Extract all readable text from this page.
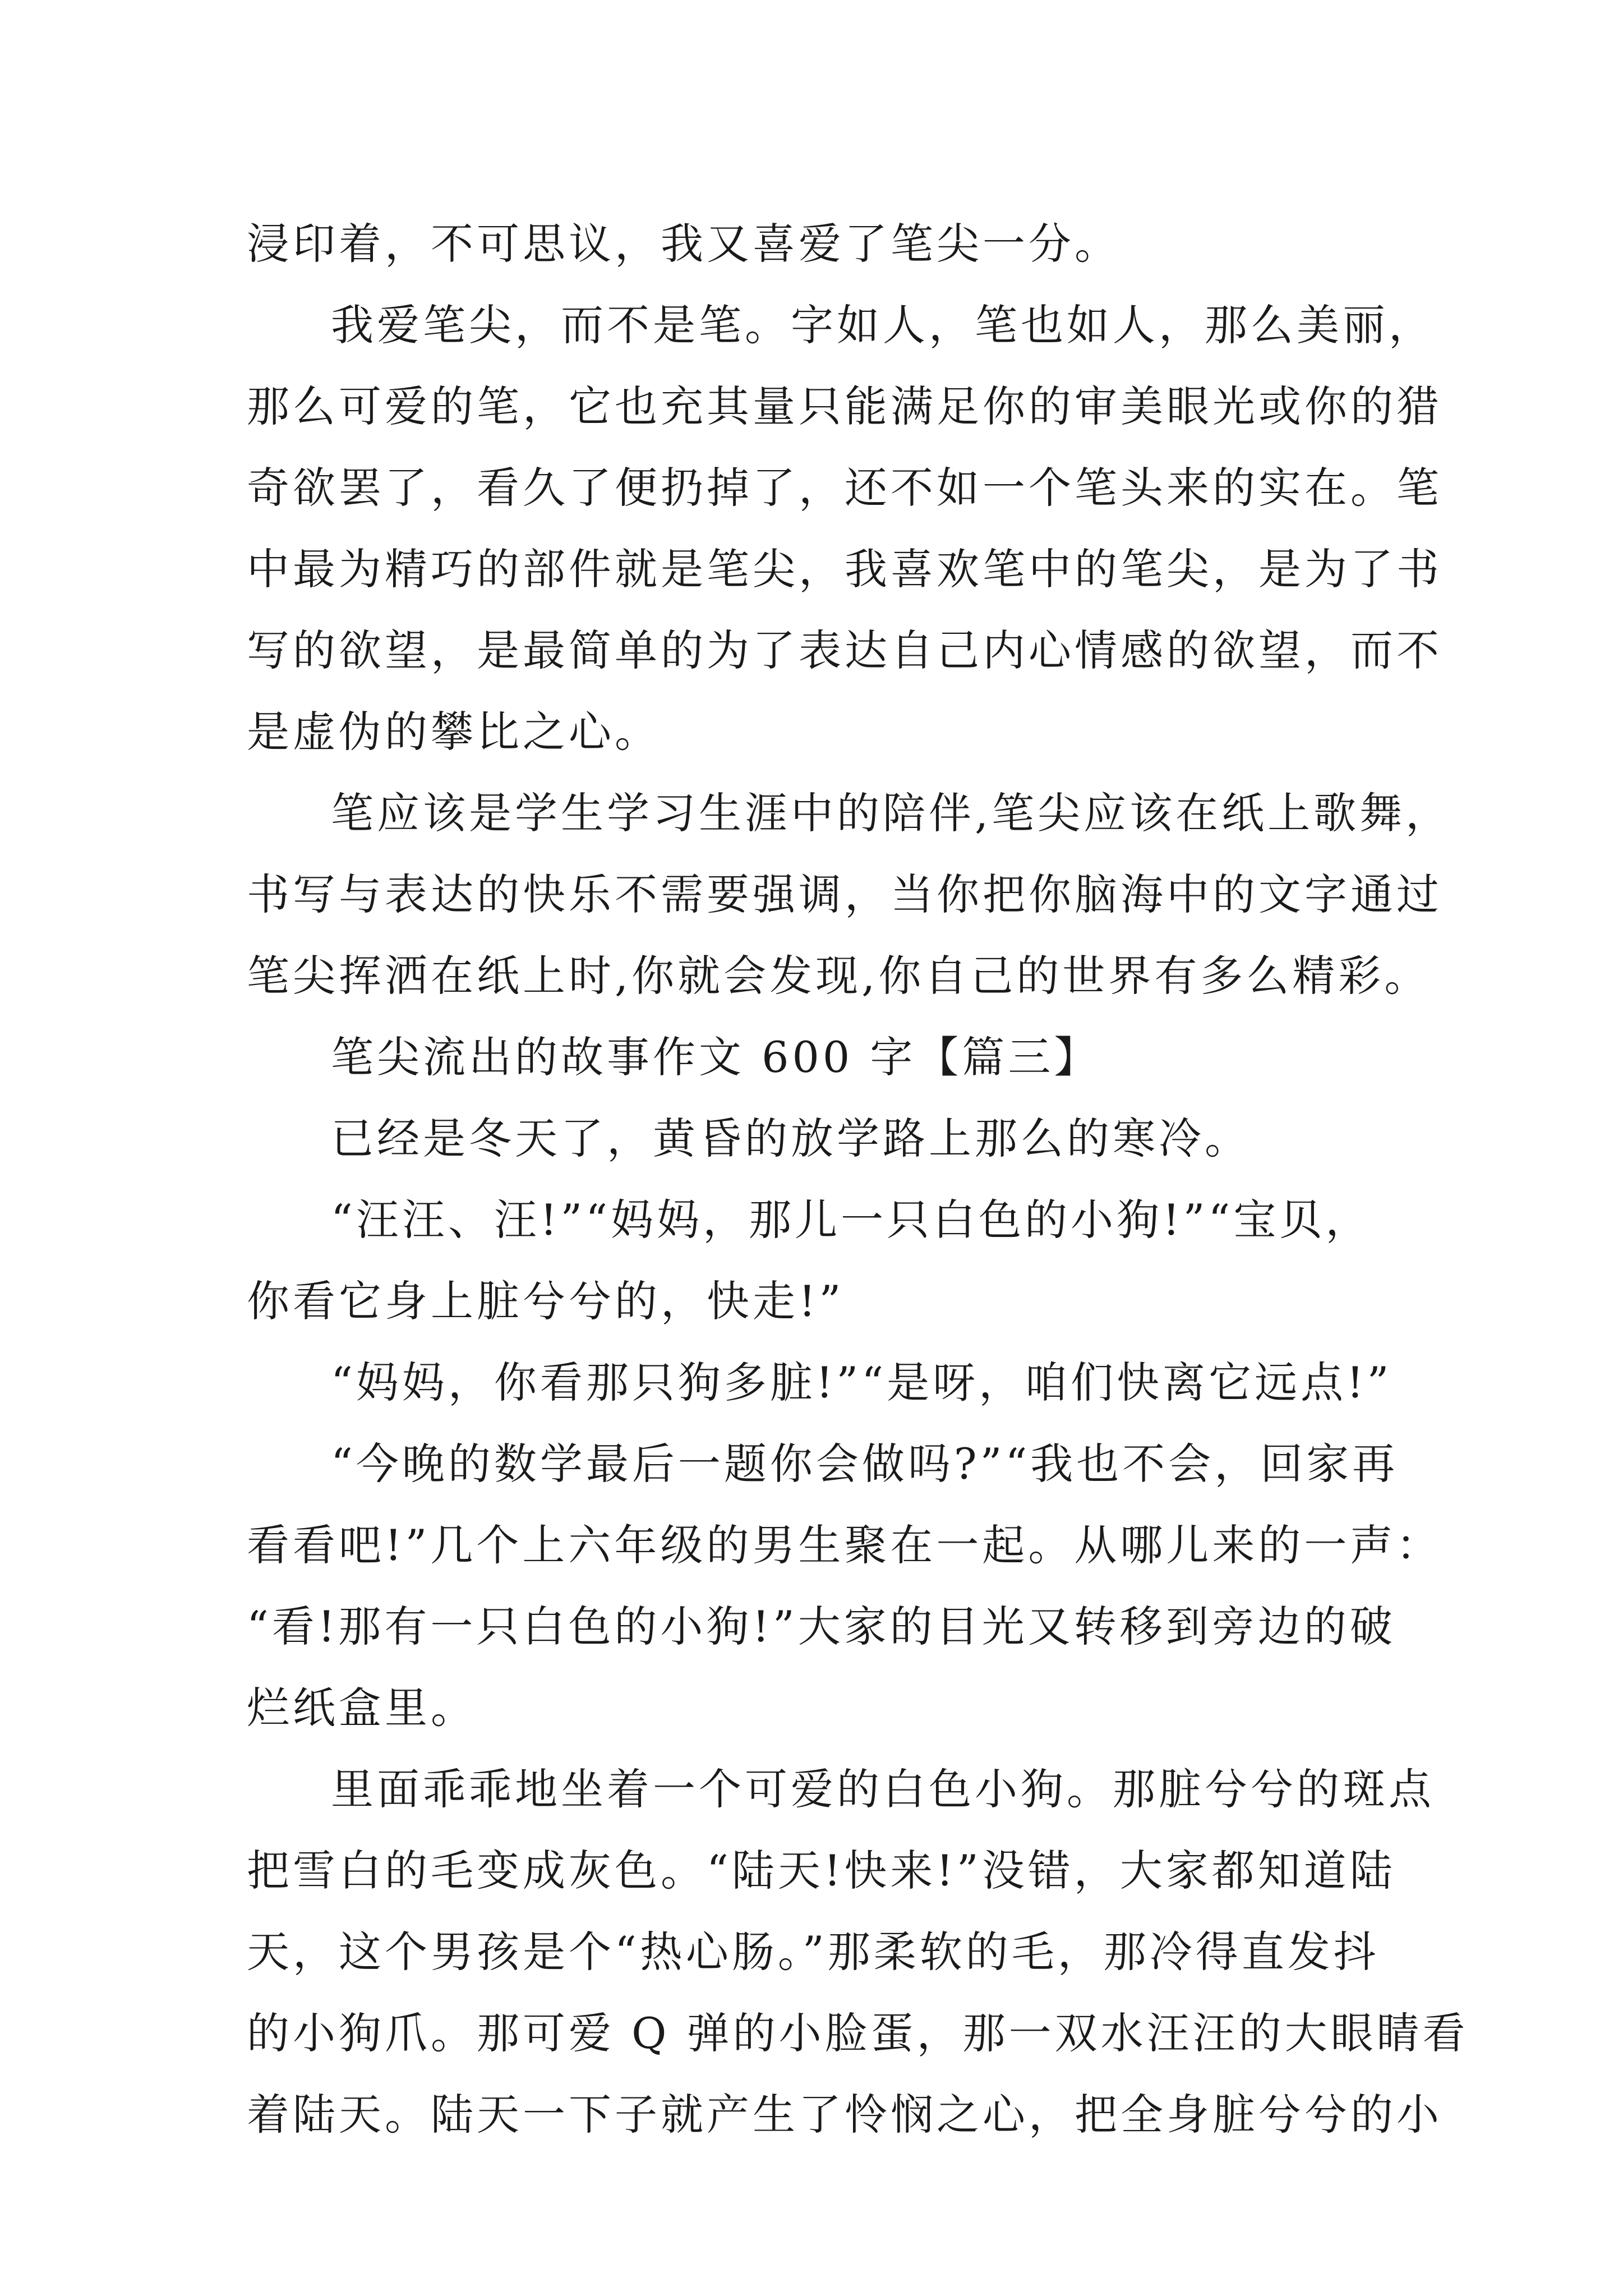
浸印着，不可思议，我又喜爱了笔尖一分。
我爱笔尖，而不是笔。字如人，笔也如人，那么美丽，
那么可爱的笔，它也充其量只能满足你的审美眼光或你的猎
奇欲罢了，看久了便扔掉了，还不如一个笔头来的实在。笔
中最为精巧的部件就是笔尖，我喜欢笔中的笔尖，是为了书
写的欲望，是最简单的为了表达自己内心情感的欲望，而不
是虚伪的攀比之心。
笔应该是学生学习生涯中的陪伴,笔尖应该在纸上歌舞，
书写与表达的快乐不需要强调，当你把你脑海中的文字通过
笔尖挥洒在纸上时,你就会发现,你自己的世界有多么精彩。
笔尖流出的故事作文 600 字【篇三】
已经是冬天了，黄昏的放学路上那么的寒冷。
“汪汪、汪!”“妈妈，那儿一只白色的小狗!”“宝贝，
你看它身上脏兮兮的，快走!”
“妈妈，你看那只狗多脏!”“是呀，咱们快离它远点!”
“今晚的数学最后一题你会做吗?”“我也不会，回家再
看看吧!”几个上六年级的男生聚在一起。从哪儿来的一声：
“看!那有一只白色的小狗!”大家的目光又转移到旁边的破
烂纸盒里。
里面乖乖地坐着一个可爱的白色小狗。那脏兮兮的斑点
把雪白的毛变成灰色。“陆天!快来!”没错，大家都知道陆
天，这个男孩是个“热心肠。”那柔软的毛，那冷得直发抖
的小狗爪。那可爱 Q 弹的小脸蛋，那一双水汪汪的大眼睛看
着陆天。陆天一下子就产生了怜悯之心，把全身脏兮兮的小
